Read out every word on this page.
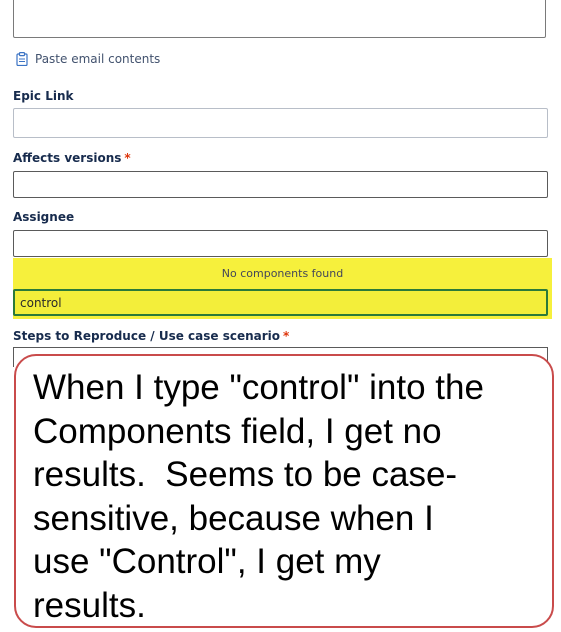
Paste email contents
Epic Link
Affects versions *
Assignee
No components found
control
Steps to Reproduce / Use case scenario *

When I type "control" into the
Components field, I get no
results.  Seems to be case-
sensitive, because when I
use "Control", I get my
results.
